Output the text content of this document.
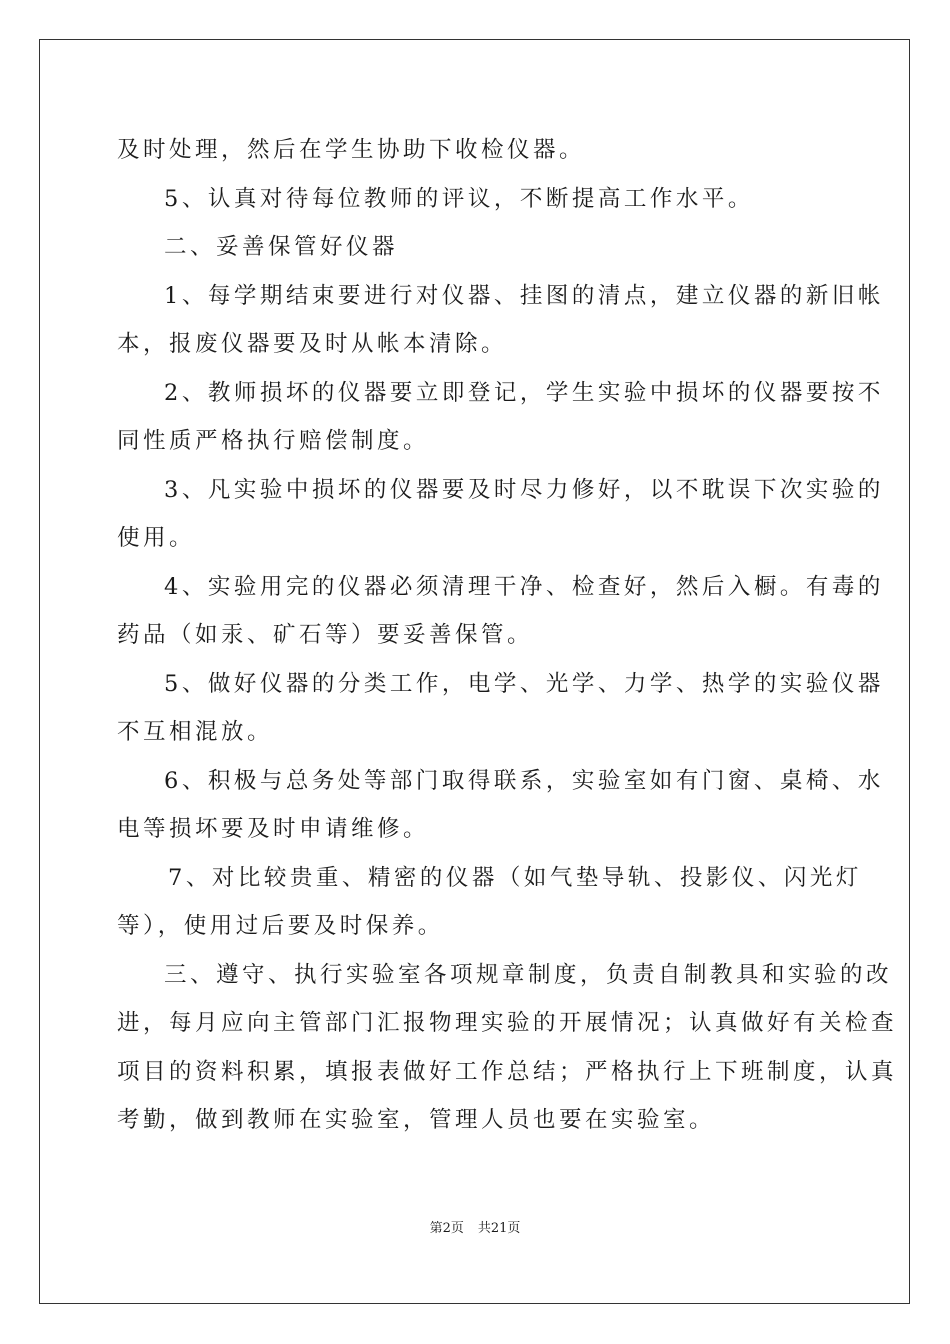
及时处理，然后在学生协助下收检仪器。
5、认真对待每位教师的评议，不断提高工作水平。
二、妥善保管好仪器
1、每学期结束要进行对仪器、挂图的清点，建立仪器的新旧帐
本，报废仪器要及时从帐本清除。
2、教师损坏的仪器要立即登记，学生实验中损坏的仪器要按不
同性质严格执行赔偿制度。
3、凡实验中损坏的仪器要及时尽力修好，以不耽误下次实验的
使用。
4、实验用完的仪器必须清理干净、检查好，然后入橱。有毒的
药品（如汞、矿石等）要妥善保管。
5、做好仪器的分类工作，电学、光学、力学、热学的实验仪器
不互相混放。
6、积极与总务处等部门取得联系，实验室如有门窗、桌椅、水
电等损坏要及时申请维修。
7、对比较贵重、精密的仪器（如气垫导轨、投影仪、闪光灯
等），使用过后要及时保养。
三、遵守、执行实验室各项规章制度，负责自制教具和实验的改
进，每月应向主管部门汇报物理实验的开展情况；认真做好有关检查
项目的资料积累，填报表做好工作总结；严格执行上下班制度，认真
考勤，做到教师在实验室，管理人员也要在实验室。
第2页 共21页
